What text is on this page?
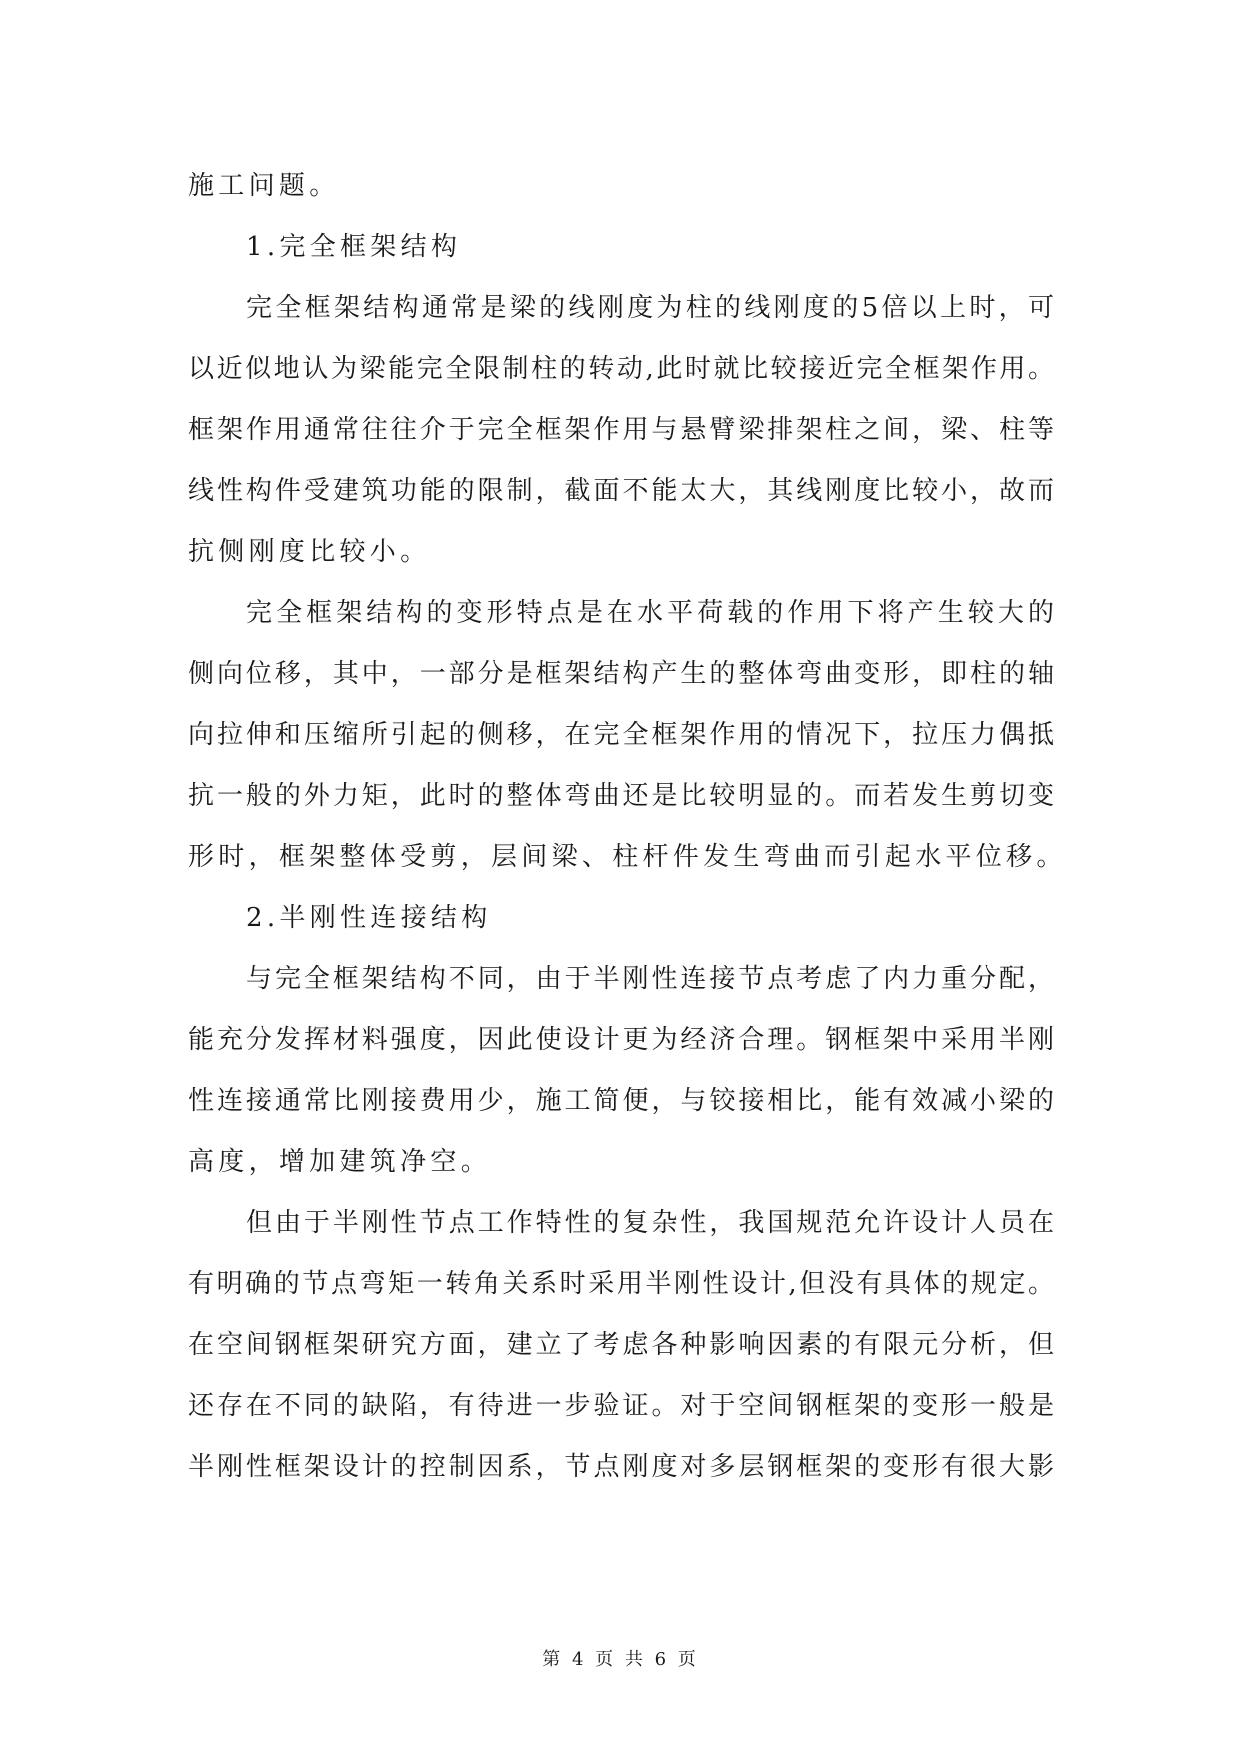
施工问题。
1.完全框架结构
完全框架结构通常是梁的线刚度为柱的线刚度的5倍以上时，可
以近似地认为梁能完全限制柱的转动,此时就比较接近完全框架作用。
框架作用通常往往介于完全框架作用与悬臂梁排架柱之间，梁、柱等
线性构件受建筑功能的限制，截面不能太大，其线刚度比较小，故而
抗侧刚度比较小。
完全框架结构的变形特点是在水平荷载的作用下将产生较大的
侧向位移，其中，一部分是框架结构产生的整体弯曲变形，即柱的轴
向拉伸和压缩所引起的侧移，在完全框架作用的情况下，拉压力偶抵
抗一般的外力矩，此时的整体弯曲还是比较明显的。而若发生剪切变
形时，框架整体受剪，层间梁、柱杆件发生弯曲而引起水平位移。
2.半刚性连接结构
与完全框架结构不同，由于半刚性连接节点考虑了内力重分配，
能充分发挥材料强度，因此使设计更为经济合理。钢框架中采用半刚
性连接通常比刚接费用少，施工简便，与铰接相比，能有效减小梁的
高度，增加建筑净空。
但由于半刚性节点工作特性的复杂性，我国规范允许设计人员在
有明确的节点弯矩一转角关系时采用半刚性设计,但没有具体的规定。
在空间钢框架研究方面，建立了考虑各种影响因素的有限元分析，但
还存在不同的缺陷，有待进一步验证。对于空间钢框架的变形一般是
半刚性框架设计的控制因系，节点刚度对多层钢框架的变形有很大影
第 4 页 共 6 页
